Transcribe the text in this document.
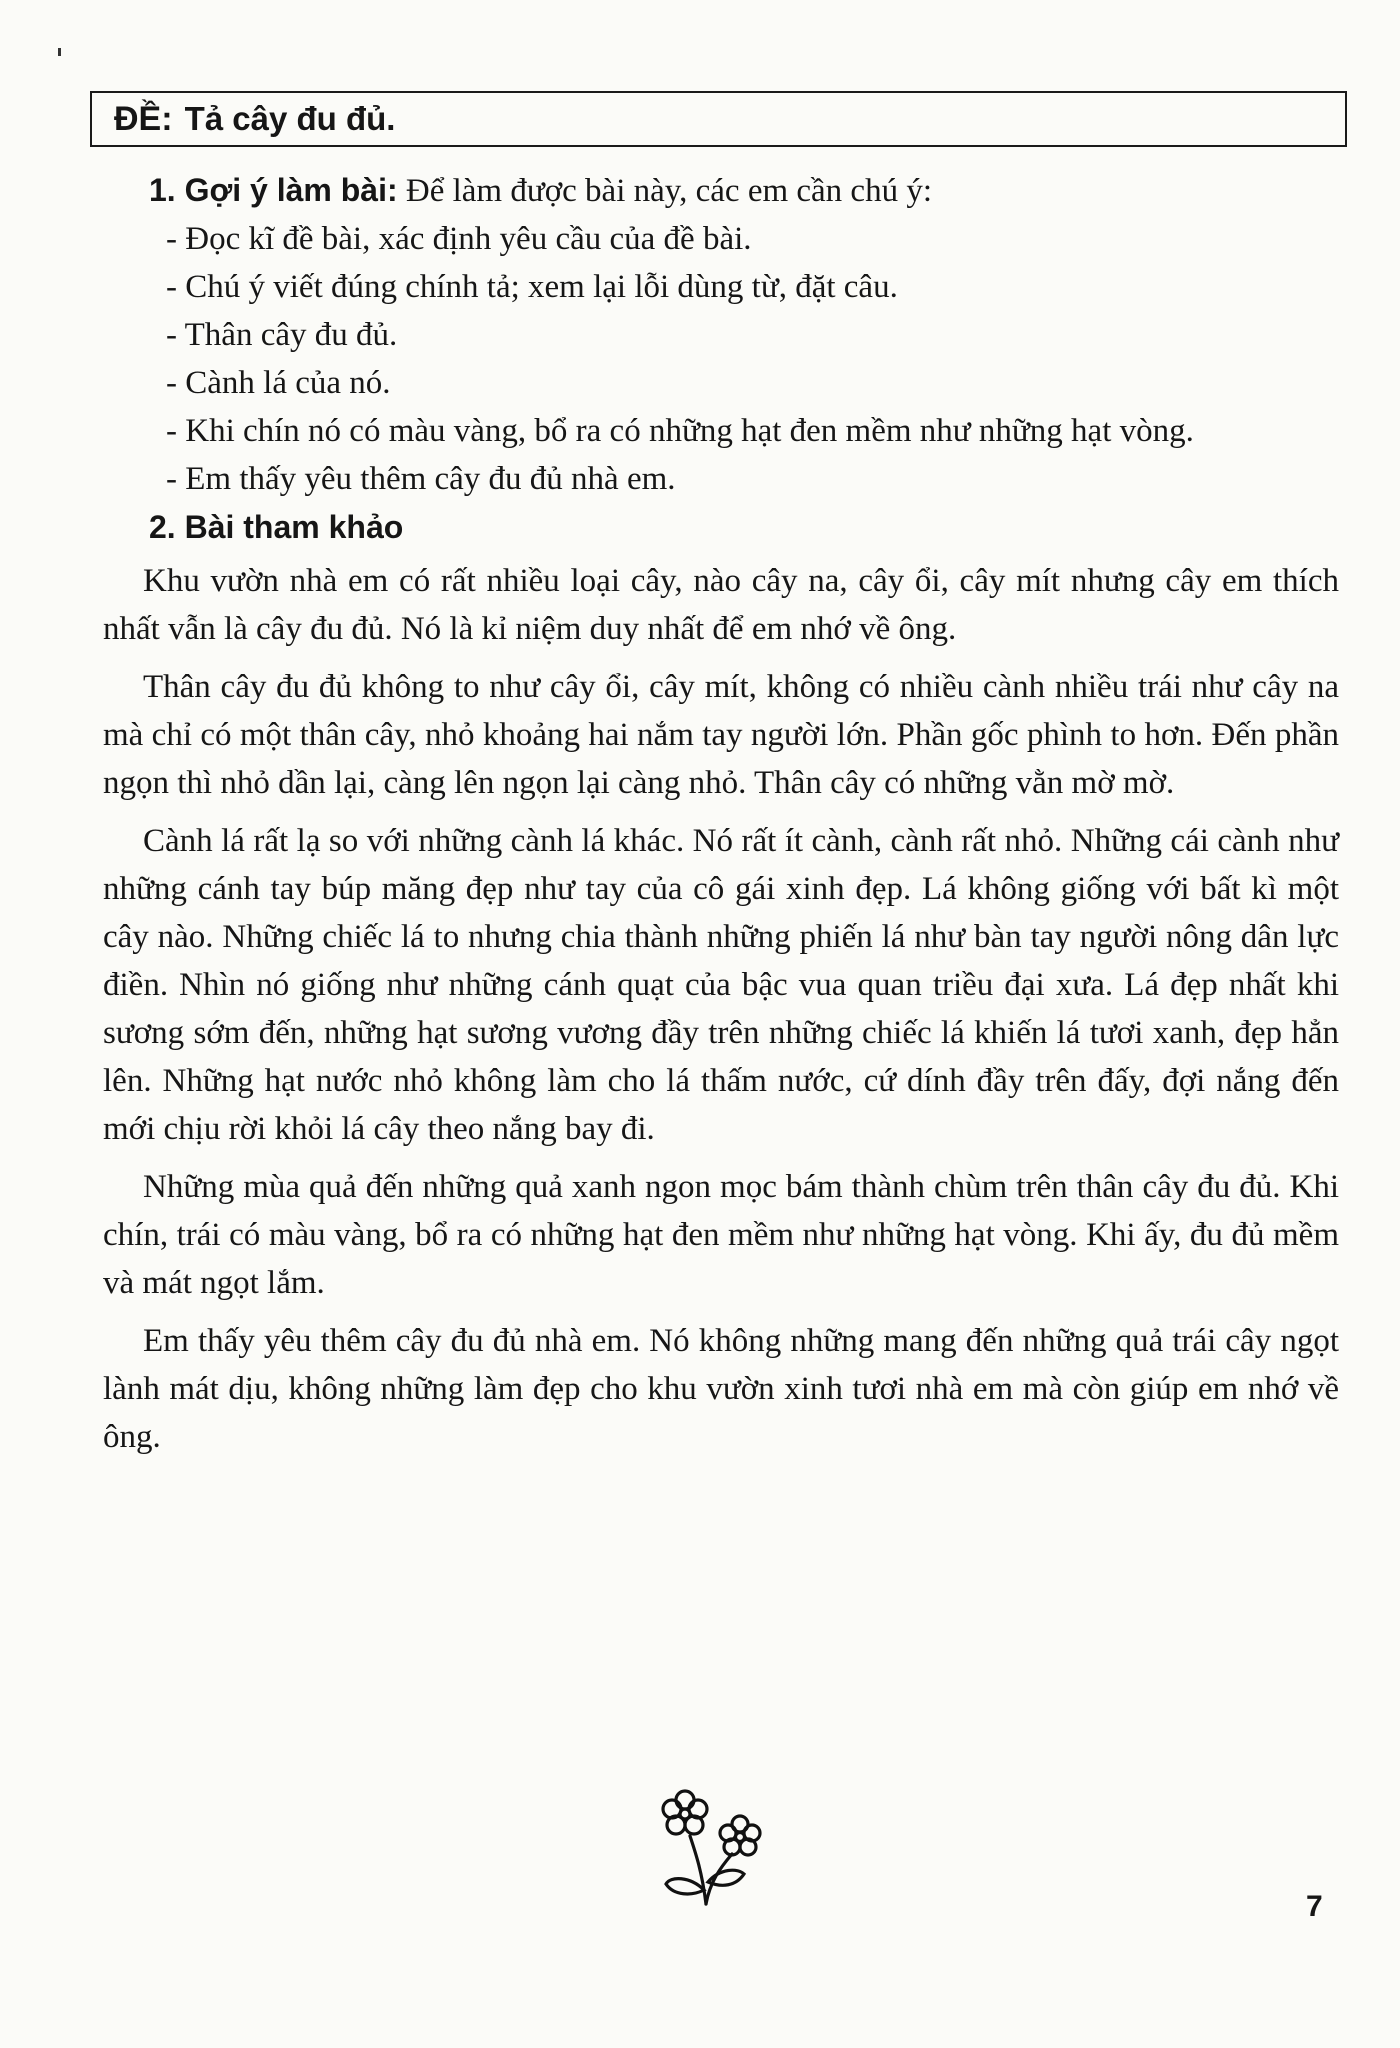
ĐỀ: Tả cây đu đủ.
1. Gợi ý làm bài: Để làm được bài này, các em cần chú ý:
- Đọc kĩ đề bài, xác định yêu cầu của đề bài.
- Chú ý viết đúng chính tả; xem lại lỗi dùng từ, đặt câu.
- Thân cây đu đủ.
- Cành lá của nó.
- Khi chín nó có màu vàng, bổ ra có những hạt đen mềm như những hạt vòng.
- Em thấy yêu thêm cây đu đủ nhà em.
2. Bài tham khảo
Khu vườn nhà em có rất nhiều loại cây, nào cây na, cây ổi, cây mít nhưng cây em thích nhất vẫn là cây đu đủ. Nó là kỉ niệm duy nhất để em nhớ về ông.
Thân cây đu đủ không to như cây ổi, cây mít, không có nhiều cành nhiều trái như cây na mà chỉ có một thân cây, nhỏ khoảng hai nắm tay người lớn. Phần gốc phình to hơn. Đến phần ngọn thì nhỏ dần lại, càng lên ngọn lại càng nhỏ. Thân cây có những vằn mờ mờ.
Cành lá rất lạ so với những cành lá khác. Nó rất ít cành, cành rất nhỏ. Những cái cành như những cánh tay búp măng đẹp như tay của cô gái xinh đẹp. Lá không giống với bất kì một cây nào. Những chiếc lá to nhưng chia thành những phiến lá như bàn tay người nông dân lực điền. Nhìn nó giống như những cánh quạt của bậc vua quan triều đại xưa. Lá đẹp nhất khi sương sớm đến, những hạt sương vương đầy trên những chiếc lá khiến lá tươi xanh, đẹp hẳn lên. Những hạt nước nhỏ không làm cho lá thấm nước, cứ dính đầy trên đấy, đợi nắng đến mới chịu rời khỏi lá cây theo nắng bay đi.
Những mùa quả đến những quả xanh ngon mọc bám thành chùm trên thân cây đu đủ. Khi chín, trái có màu vàng, bổ ra có những hạt đen mềm như những hạt vòng. Khi ấy, đu đủ mềm và mát ngọt lắm.
Em thấy yêu thêm cây đu đủ nhà em. Nó không những mang đến những quả trái cây ngọt lành mát dịu, không những làm đẹp cho khu vườn xinh tươi nhà em mà còn giúp em nhớ về ông.
7
